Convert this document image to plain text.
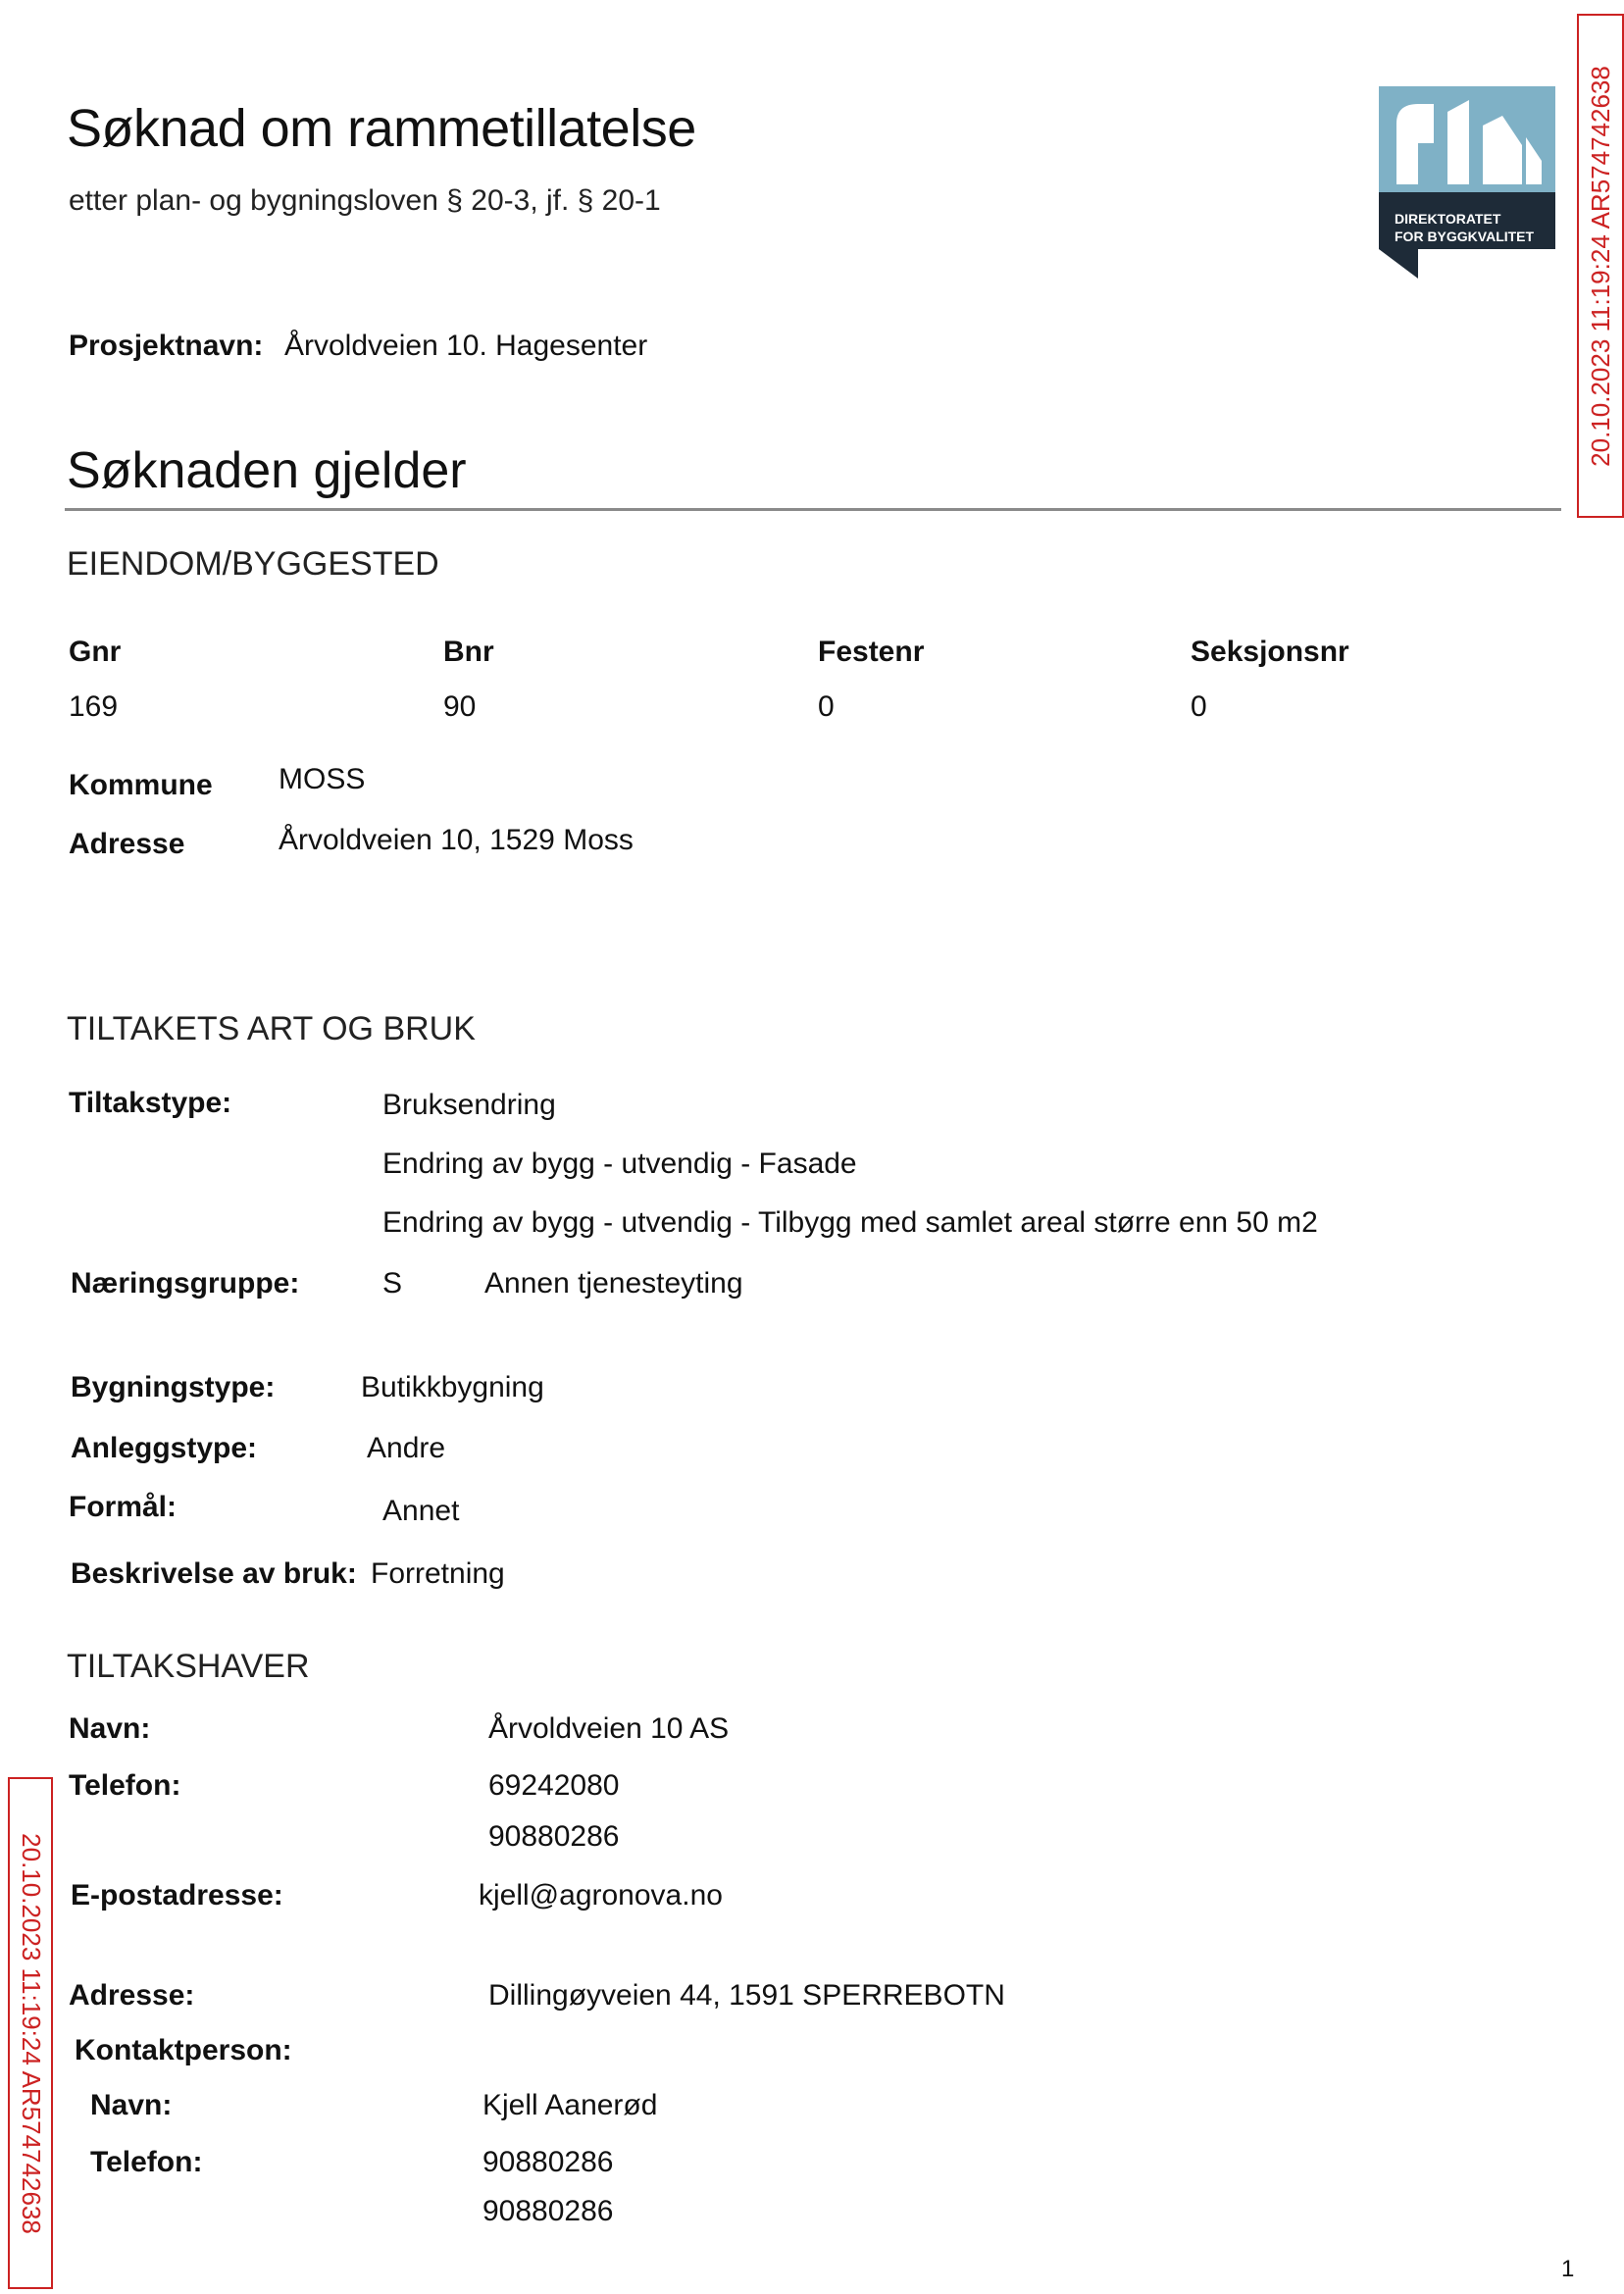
Søknad om rammetillatelse
etter plan- og bygningsloven § 20-3, jf. § 20-1
DIREKTORATET
FOR BYGGKVALITET 20.10.2023 11:19:24 AR574742638
20.10.2023 11:19:24 AR574742638
Prosjektnavn: Årvoldveien 10. Hagesenter
Søknaden gjelder
EIENDOM/BYGGESTED
Gnr	Bnr	Festenr	Seksjonsnr
169	90	0	0
Kommune MOSS
Adresse	Årvoldveien 10, 1529 Moss
TILTAKETS ART OG BRUK
Tiltakstype:	Bruksendring
Endring av bygg - utvendig - Fasade
Endring av bygg - utvendig - Tilbygg med samlet areal større enn 50 m2
Næringsgruppe:	S	Annen tjenesteyting
Bygningstype:	Butikkbygning
Anleggstype:	Andre
Formål:	Annet
Beskrivelse av bruk: Forretning
TILTAKSHAVER
Navn:	Årvoldveien 10 AS
Telefon:	69242080
90880286
E-postadresse:	kjell@agronova.no
Adresse:	Dillingøyveien 44, 1591 SPERREBOTN
Kontaktperson:
Navn:	Kjell Aanerød
Telefon:	90880286
90880286
1
